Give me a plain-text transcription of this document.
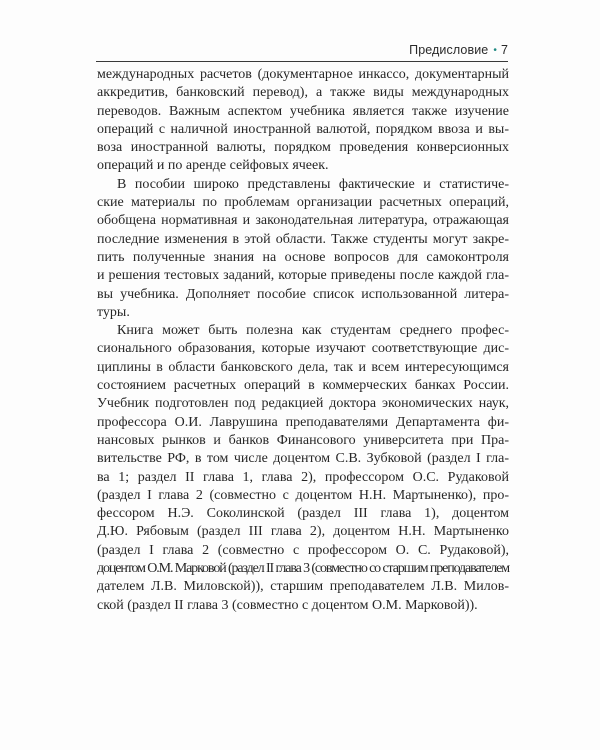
Предисловие • 7
международных расчетов (документарное инкассо, документарный
аккредитив, банковский перевод), а также виды международных
переводов. Важным аспектом учебника является также изучение
операций с наличной иностранной валютой, порядком ввоза и вы-
воза иностранной валюты, порядком проведения конверсионных
операций и по аренде сейфовых ячеек.
В пособии широко представлены фактические и статистиче-
ские материалы по проблемам организации расчетных операций,
обобщена нормативная и законодательная литература, отражающая
последние изменения в этой области. Также студенты могут закре-
пить полученные знания на основе вопросов для самоконтроля
и решения тестовых заданий, которые приведены после каждой гла-
вы учебника. Дополняет пособие список использованной литера-
туры.
Книга может быть полезна как студентам среднего профес-
сионального образования, которые изучают соответствующие дис-
циплины в области банковского дела, так и всем интересующимся
состоянием расчетных операций в коммерческих банках России.
Учебник подготовлен под редакцией доктора экономических наук,
профессора О.И. Лаврушина преподавателями Департамента фи-
нансовых рынков и банков Финансового университета при Пра-
вительстве РФ, в том числе доцентом С.В. Зубковой (раздел I гла-
ва 1; раздел II глава 1, глава 2), профессором О.С. Рудаковой
(раздел I глава 2 (совместно с доцентом Н.Н. Мартыненко), про-
фессором Н.Э. Соколинской (раздел III глава 1), доцентом
Д.Ю. Рябовым (раздел III глава 2), доцентом Н.Н. Мартыненко
(раздел I глава 2 (совместно с профессором О. С. Рудаковой),
доцентом О.М. Марковой (раздел II глава 3 (совместно со старшим преподавателем
дателем Л.В. Миловской)), старшим преподавателем Л.В. Милов-
ской (раздел II глава 3 (совместно с доцентом О.М. Марковой)).
